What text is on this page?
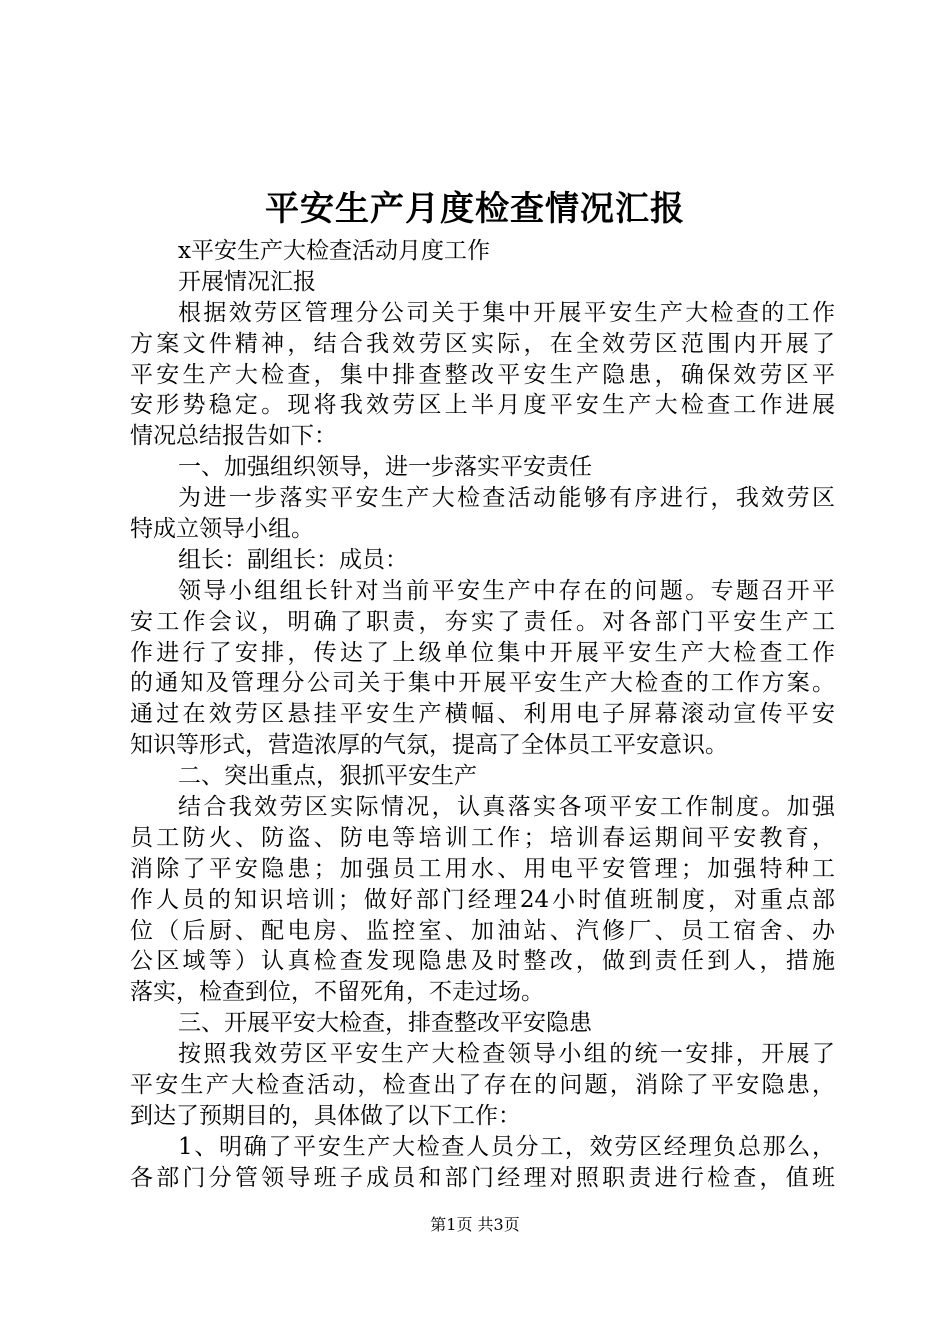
平安生产月度检查情况汇报
x平安生产大检查活动月度工作
开展情况汇报
根据效劳区管理分公司关于集中开展平安生产大检查的工作
方案文件精神，结合我效劳区实际，在全效劳区范围内开展了
平安生产大检查，集中排查整改平安生产隐患，确保效劳区平
安形势稳定。现将我效劳区上半月度平安生产大检查工作进展
情况总结报告如下：
一、加强组织领导，进一步落实平安责任
为进一步落实平安生产大检查活动能够有序进行，我效劳区
特成立领导小组。
组长：副组长：成员：
领导小组组长针对当前平安生产中存在的问题。专题召开平
安工作会议，明确了职责，夯实了责任。对各部门平安生产工
作进行了安排，传达了上级单位集中开展平安生产大检查工作
的通知及管理分公司关于集中开展平安生产大检查的工作方案。
通过在效劳区悬挂平安生产横幅、利用电子屏幕滚动宣传平安
知识等形式，营造浓厚的气氛，提高了全体员工平安意识。
二、突出重点，狠抓平安生产
结合我效劳区实际情况，认真落实各项平安工作制度。加强
员工防火、防盗、防电等培训工作；培训春运期间平安教育，
消除了平安隐患；加强员工用水、用电平安管理；加强特种工
作人员的知识培训；做好部门经理24小时值班制度，对重点部
位（后厨、配电房、监控室、加油站、汽修厂、员工宿舍、办
公区域等）认真检查发现隐患及时整改，做到责任到人，措施
落实，检查到位，不留死角，不走过场。
三、开展平安大检查，排查整改平安隐患
按照我效劳区平安生产大检查领导小组的统一安排，开展了
平安生产大检查活动，检查出了存在的问题，消除了平安隐患，
到达了预期目的，具体做了以下工作：
1、明确了平安生产大检查人员分工，效劳区经理负总那么，
各部门分管领导班子成员和部门经理对照职责进行检查，值班
第1页 共3页
